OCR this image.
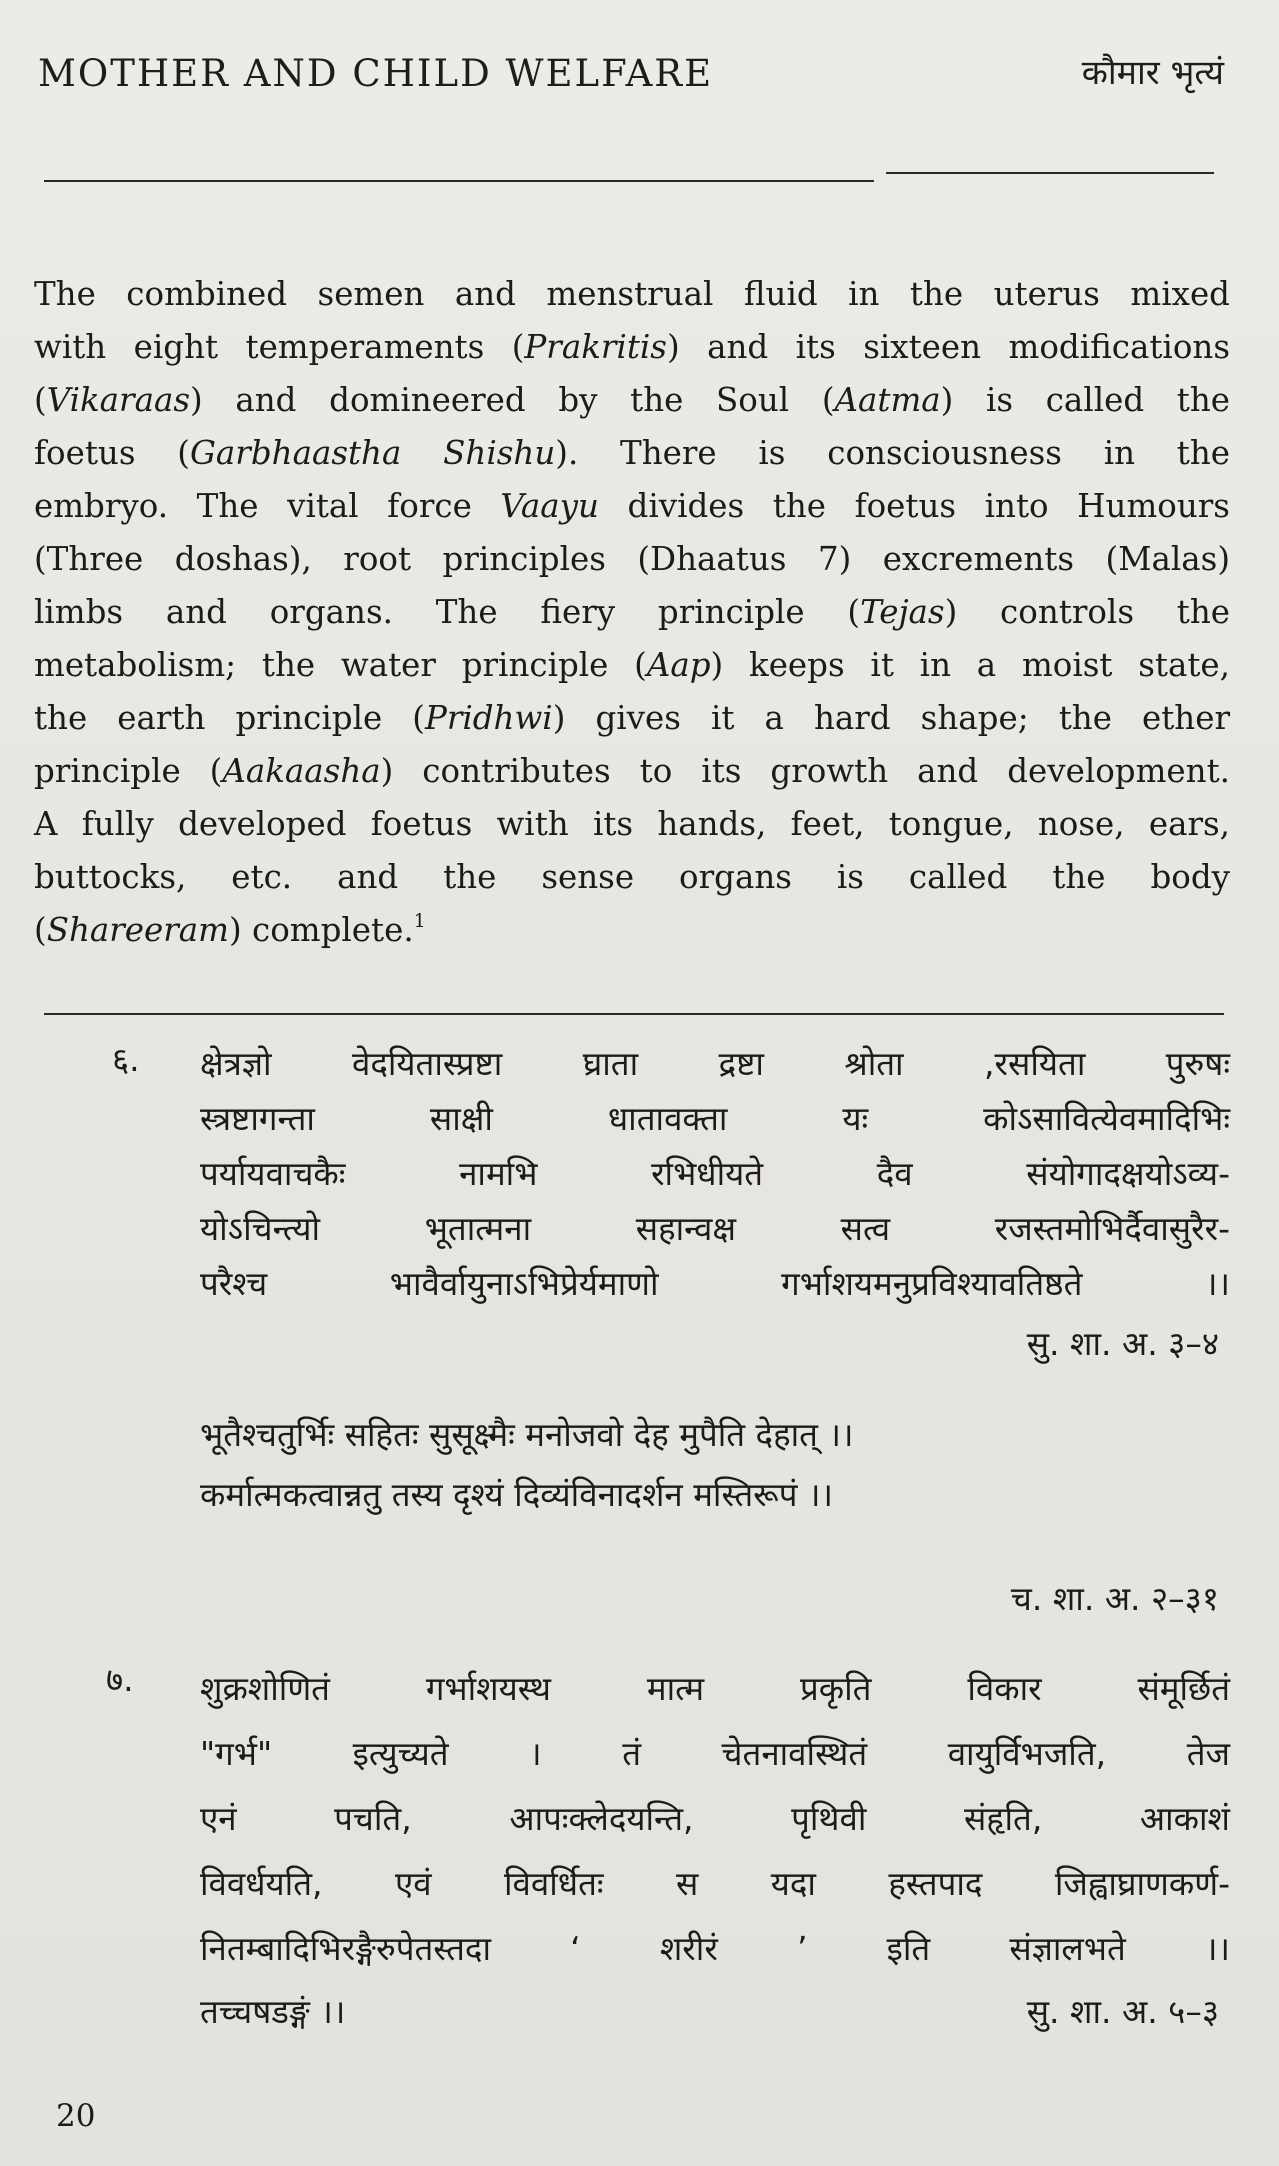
MOTHER AND CHILD WELFARE	कौमार भृत्यं
The combined semen and menstrual fluid in the uterus mixed
with eight temperaments (Prakritis) and its sixteen modifications
(Vikaraas) and domineered by the Soul (Aatma) is called the
foetus (Garbhaastha Shishu). There is consciousness in the
embryo. The vital force Vaayu divides the foetus into Humours
(Three doshas), root principles (Dhaatus 7) excrements (Malas)
limbs and organs. The fiery principle (Tejas) controls the
metabolism; the water principle (Aap) keeps it in a moist state,
the earth principle (Pridhwi) gives it a hard shape; the ether
principle (Aakaasha) contributes to its growth and development.
A fully developed foetus with its hands, feet, tongue, nose, ears,
buttocks, etc. and the sense organs is called the body
(Shareeram) complete.$^1$
६. क्षेत्रज्ञो वेदयितास्प्रष्टा घ्राता द्रष्टा श्रोता ,रसयिता पुरुषः
स्त्रष्टागन्ता साक्षी धातावक्ता यः कोऽसावित्येवमादिभिः
पर्यायवाचकैः नामभि रभिधीयते दैव संयोगादक्षयोऽव्य-
योऽचिन्त्यो भूतात्मना सहान्वक्ष सत्व रजस्तमोभिर्दैवासुरैर-
परैश्च भावैर्वायुनाऽभिप्रेर्यमाणो गर्भाशयमनुप्रविश्यावतिष्ठते ।।
सु. शा. अ. ३–४
भूतैश्चतुर्भिः सहितः सुसूक्ष्मैः मनोजवो देह मुपैति देहात् ।।
कर्मात्मकत्वान्नतु तस्य दृश्यं दिव्यंविनादर्शन मस्तिरूपं ।।
च. शा. अ. २–३१
७. शुक्रशोणितं गर्भाशयस्थ मात्म प्रकृति विकार संमूर्छितं
"गर्भ" इत्युच्यते । तं चेतनावस्थितं वायुर्विभजति, तेज
एनं पचति, आपःक्लेदयन्ति, पृथिवी संहृति, आकाशं
विवर्धयति, एवं विवर्धितः स यदा हस्तपाद जिह्वाघ्राणकर्ण-
नितम्बादिभिरङ्गैरुपेतस्तदा ‘ शरीरं ’ इति संज्ञालभते ।।
तच्चषडङ्गं ।।	सु. शा. अ. ५–३
20
